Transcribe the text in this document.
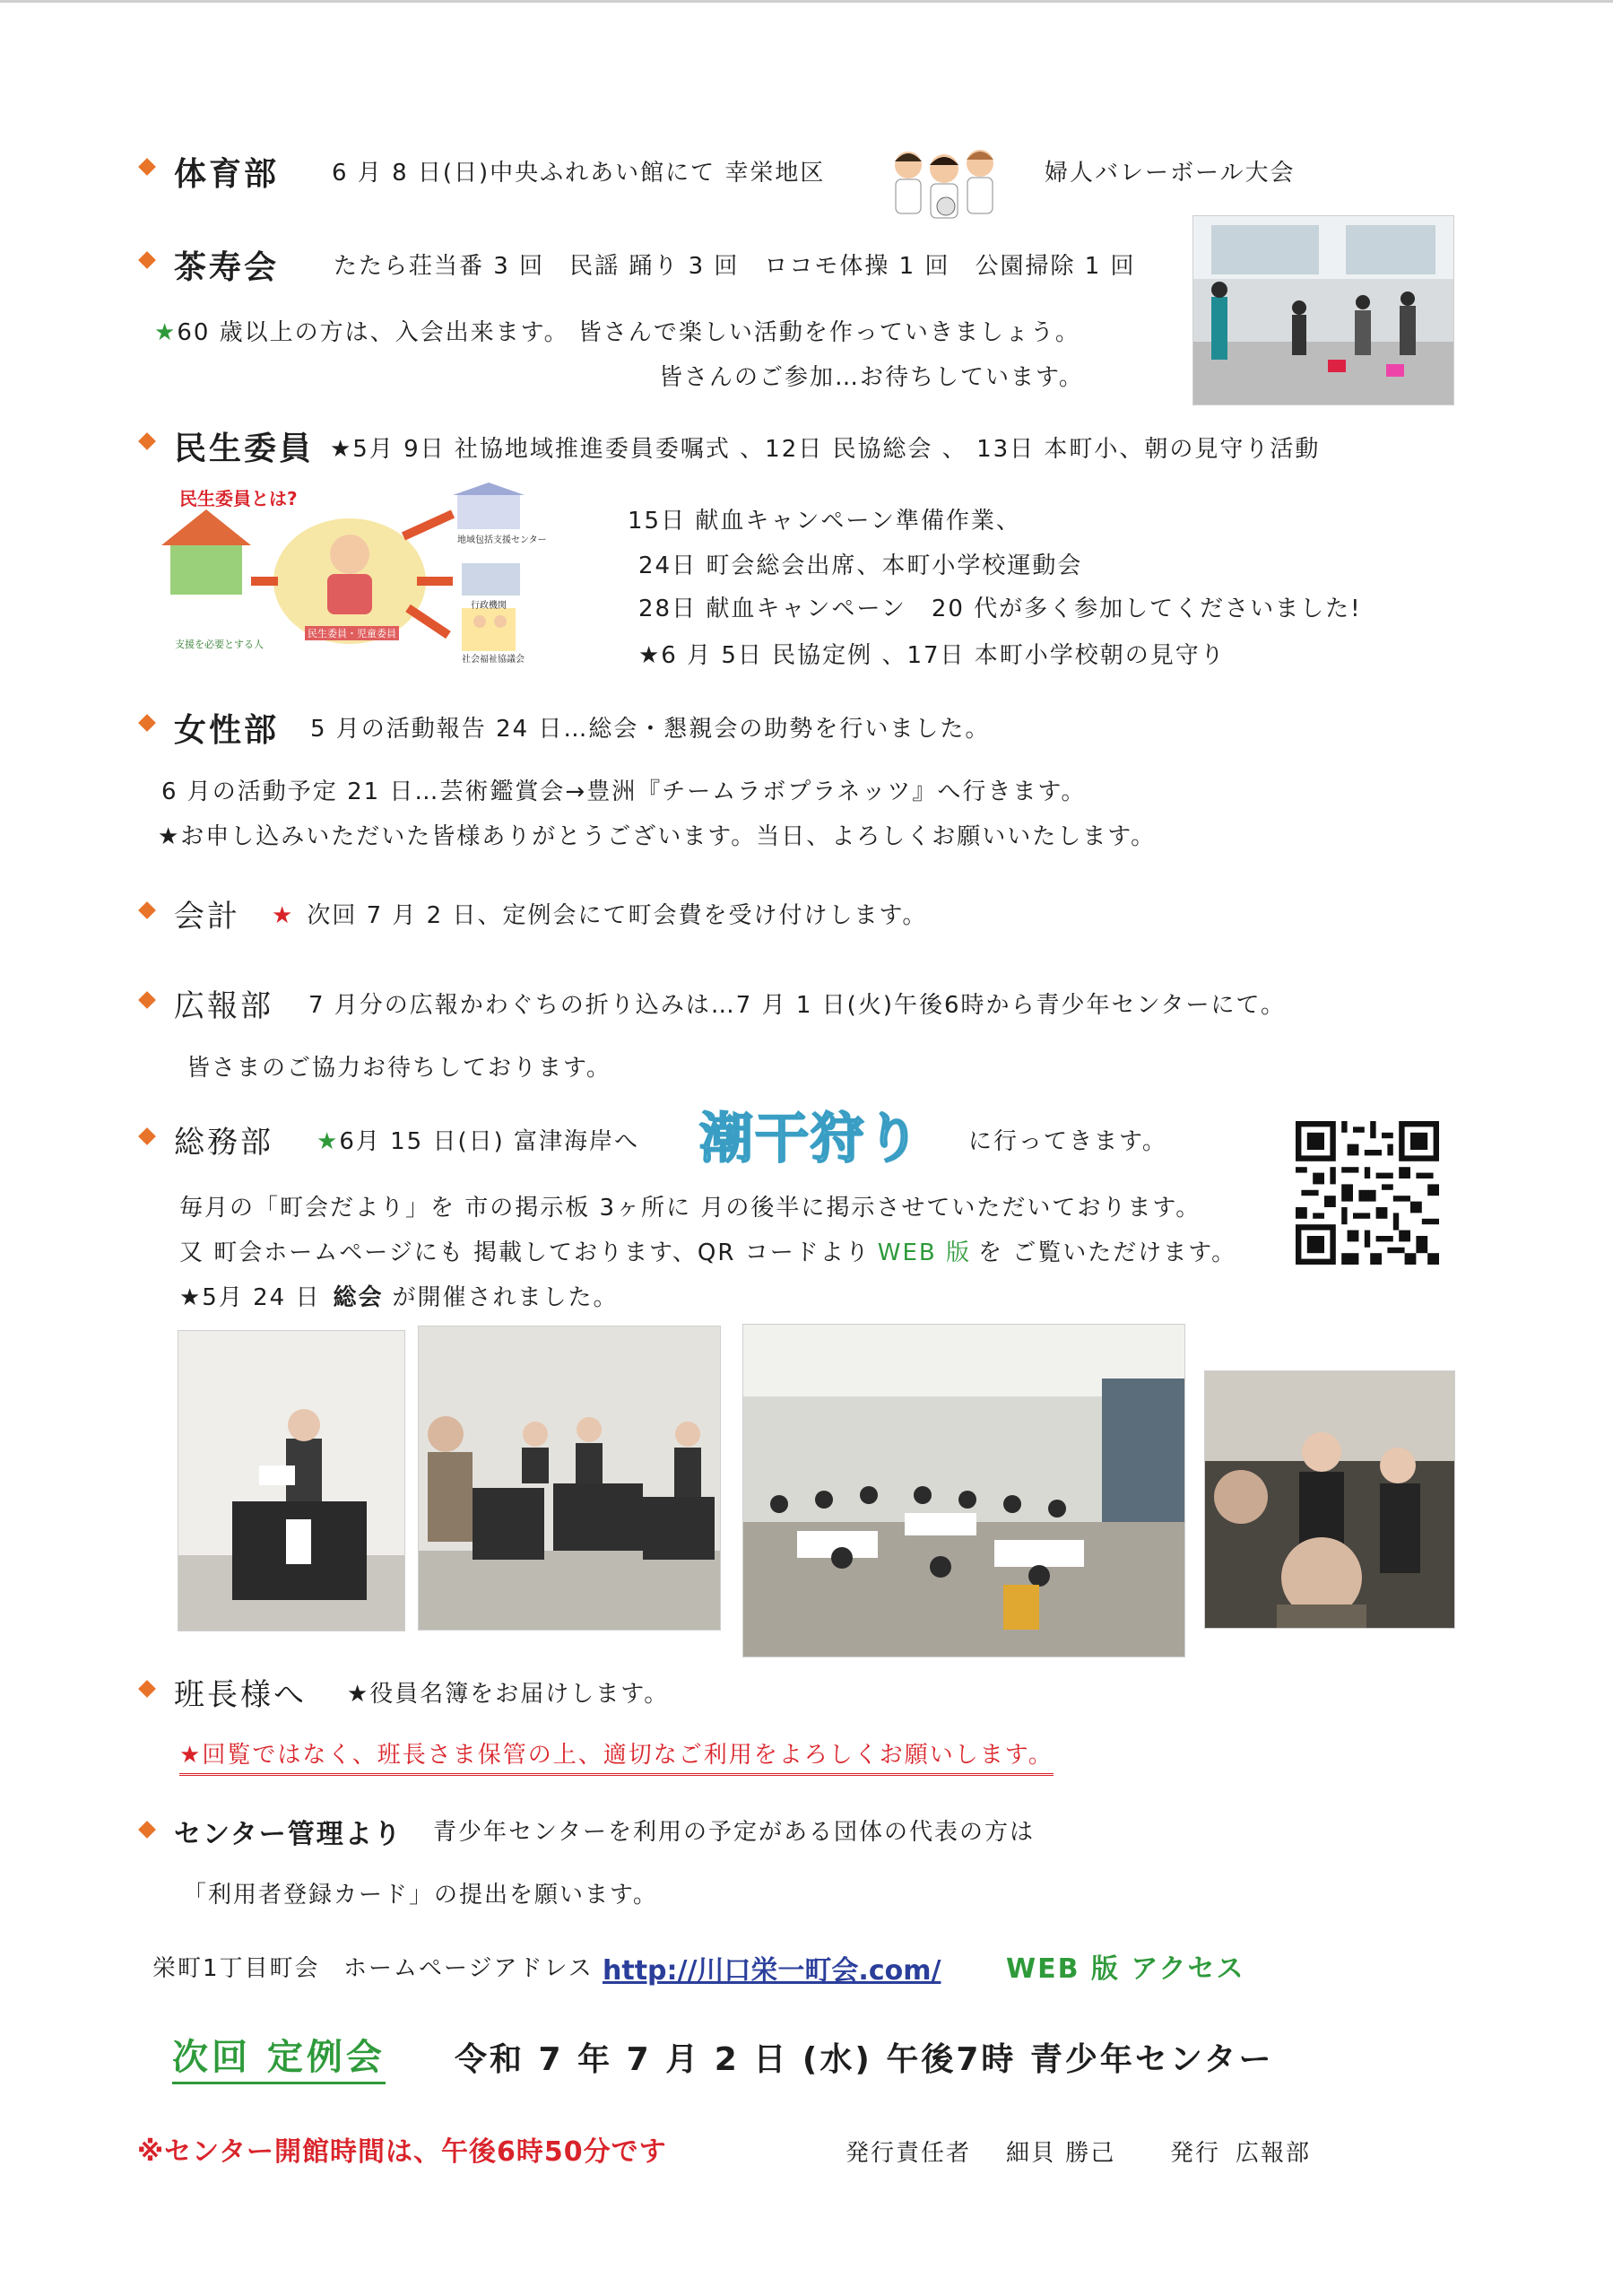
体育部 6 月 8 日(日)中央ふれあい館にて 幸栄地区	婦人バレーボール大会
茶寿会 たたら荘当番 3 回　民謡 踊り 3 回　ロコモ体操 1 回　公園掃除 1 回
★60 歳以上の方は、入会出来ます。 皆さんで楽しい活動を作っていきましょう。
皆さんのご参加…お待ちしています。
民生委員 ★5月 9日 社協地域推進委員委嘱式 、12日 民協総会 、 13日 本町小、朝の見守り活動
民生委員とは?
地域包括支援センター
行政機関
支援を必要とする人
民生委員・児童委員
社会福祉協議会
15日 献血キャンペーン準備作業、
24日 町会総会出席、本町小学校運動会
28日 献血キャンペーン　20 代が多く参加してくださいました!
★6 月 5日 民協定例 、17日 本町小学校朝の見守り
女性部 5 月の活動報告 24 日…総会・懇親会の助勢を行いました。
6 月の活動予定 21 日…芸術鑑賞会→豊洲『チームラボプラネッツ』へ行きます。
★お申し込みいただいた皆様ありがとうございます。当日、よろしくお願いいたします。
会計 ★ 次回 7 月 2 日、定例会にて町会費を受け付けします。
広報部 7 月分の広報かわぐちの折り込みは…7 月 1 日(火)午後6時から青少年センターにて。
皆さまのご協力お待ちしております。
総務部 ★6月 15 日(日) 富津海岸へ 潮干狩り に行ってきます。
毎月の「町会だより」を 市の掲示板 3ヶ所に 月の後半に掲示させていただいております。
又 町会ホームページにも 掲載しております、QR コードより WEB 版 を ご覧いただけます。
★5月 24 日 総会 が開催されました。
班長様へ ★役員名簿をお届けします。
★回覧ではなく、班長さま保管の上、適切なご利用をよろしくお願いします。
センター管理より 青少年センターを利用の予定がある団体の代表の方は
「利用者登録カード」の提出を願います。
栄町1丁目町会 ホームページアドレス http://川口栄一町会.com/ WEB 版 アクセス
次回 定例会 令和 7 年 7 月 2 日 (水) 午後7時 青少年センター
※センター開館時間は、午後6時50分です	発行責任者 細貝 勝己 発行 広報部
